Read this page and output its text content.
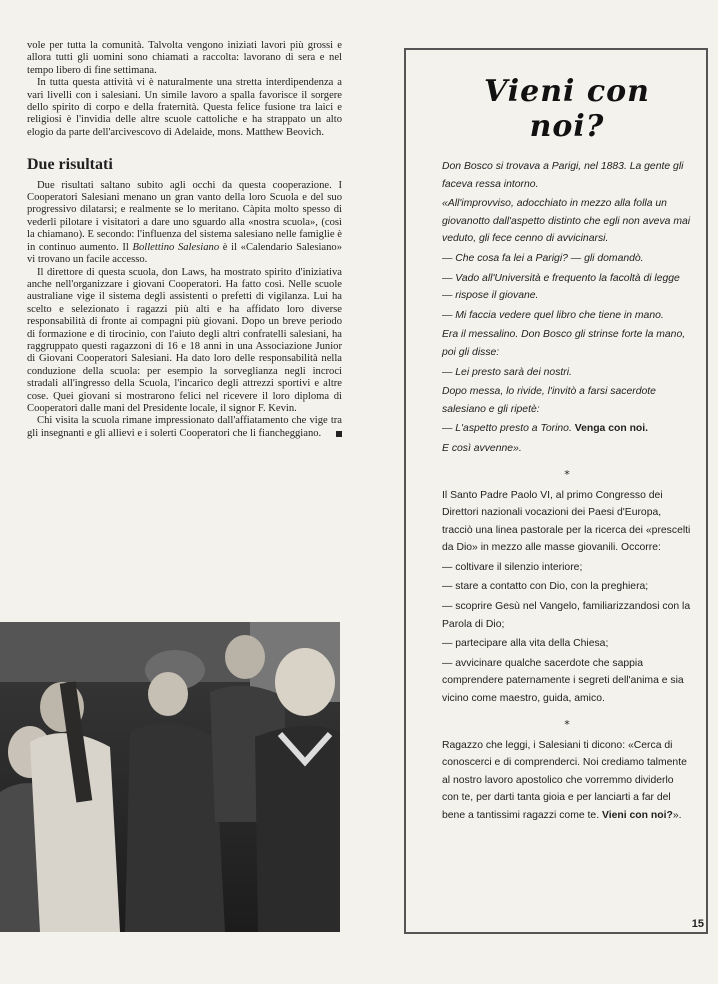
vole per tutta la comunità. Talvolta vengono iniziati lavori più grossi e allora tutti gli uomini sono chiamati a raccolta: lavorano di sera e nel tempo libero di fine settimana.

In tutta questa attività vi è naturalmente una stretta interdipendenza a vari livelli con i salesiani. Un simile lavoro a spalla favorisce il sorgere dello spirito di corpo e della fraternità. Questa felice fusione tra laici e religiosi è l'invidia delle altre scuole cattoliche e ha strappato un alto elogio da parte dell'arcivescovo di Adelaide, mons. Matthew Beovich.

Due risultati

Due risultati saltano subito agli occhi da questa cooperazione. I Cooperatori Salesiani menano un gran vanto della loro Scuola e del suo progressivo dilatarsi; e realmente se lo meritano. Càpita molto spesso di vederli pilotare i visitatori a dare uno sguardo alla «nostra scuola», (così la chiamano). E secondo: l'influenza del sistema salesiano nelle famiglie è in continuo aumento. Il Bollettino Salesiano è il «Calendario Salesiano» vi trovano un facile accesso.

Il direttore di questa scuola, don Laws, ha mostrato spirito d'iniziativa anche nell'organizzare i giovani Cooperatori. Ha fatto così. Nelle scuole australiane vige il sistema degli assistenti o prefetti di vigilanza. Lui ha scelto e selezionato i ragazzi più alti e ha affidato loro diverse responsabilità di fronte ai compagni più giovani. Dopo un breve periodo di formazione e di tirocinio, con l'aiuto degli altri confratelli salesiani, ha raggruppato questi ragazzoni di 16 e 18 anni in una Associazione Junior di Giovani Cooperatori Salesiani. Ha dato loro delle responsabilità nella conduzione della scuola: per esempio la sorveglianza negli incroci stradali all'ingresso della Scuola, l'incarico degli attrezzi sportivi e altre cose. Quei giovani si mostrarono felici nel ricevere il loro diploma di Cooperatori dalle mani del Presidente locale, il signor F. Kevin.

Chi visita la scuola rimane impressionato dall'affiatamento che vige tra gli insegnanti e gli allievi e i solerti Cooperatori che li fiancheggiano.

Vieni con noi?

Don Bosco si trovava a Parigi, nel 1883. La gente gli faceva ressa intorno.

«All'improvviso, adocchiato in mezzo alla folla un giovanotto dall'aspetto distinto che egli non aveva mai veduto, gli fece cenno di avvicinarsi.

— Che cosa fa lei a Parigi? — gli domandò.

— Vado all'Università e frequento la facoltà di legge — rispose il giovane.

— Mi faccia vedere quel libro che tiene in mano.

Era il messalino. Don Bosco gli strinse forte la mano, poi gli disse:

— Lei presto sarà dei nostri.

Dopo messa, lo rivide, l'invitò a farsi sacerdote salesiano e gli ripetè:

— L'aspetto presto a Torino. Venga con noi.

E così avvenne».

*

Il Santo Padre Paolo VI, al primo Congresso dei Direttori nazionali vocazioni dei Paesi d'Europa, tracciò una linea pastorale per la ricerca dei «prescelti da Dio» in mezzo alle masse giovanili. Occorre:

— coltivare il silenzio interiore;

— stare a contatto con Dio, con la preghiera;

— scoprire Gesù nel Vangelo, familiarizzandosi con la Parola di Dio;

— partecipare alla vita della Chiesa;

— avvicinare qualche sacerdote che sappia comprendere paternamente i segreti dell'anima e sia vicino come maestro, guida, amico.

*

Ragazzo che leggi, i Salesiani ti dicono: «Cerca di conoscerci e di comprenderci. Noi crediamo talmente al nostro lavoro apostolico che vorremmo dividerlo con te, per darti tanta gioia e per lanciarti a far del bene a tantissimi ragazzi come te. Vieni con noi?».

15
